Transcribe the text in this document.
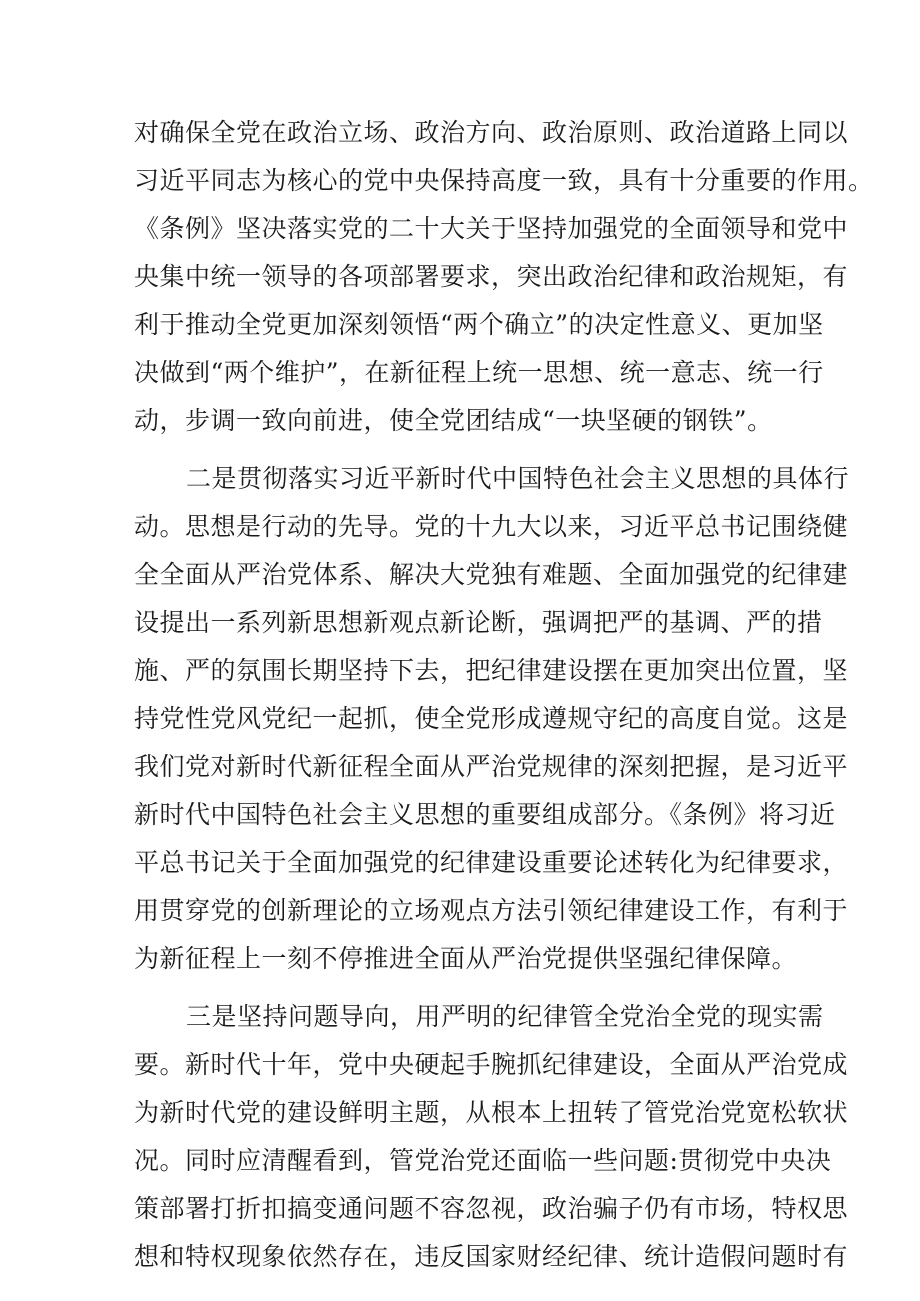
对确保全党在政治立场、政治方向、政治原则、政治道路上同以

习近平同志为核心的党中央保持高度一致，具有十分重要的作用。

《条例》坚决落实党的二十大关于坚持加强党的全面领导和党中

央集中统一领导的各项部署要求，突出政治纪律和政治规矩，有

利于推动全党更加深刻领悟“两个确立”的决定性意义、更加坚

决做到“两个维护”，在新征程上统一思想、统一意志、统一行

动，步调一致向前进，使全党团结成“一块坚硬的钢铁”。

二是贯彻落实习近平新时代中国特色社会主义思想的具体行

动。思想是行动的先导。党的十九大以来，习近平总书记围绕健

全全面从严治党体系、解决大党独有难题、全面加强党的纪律建

设提出一系列新思想新观点新论断，强调把严的基调、严的措

施、严的氛围长期坚持下去，把纪律建设摆在更加突出位置，坚

持党性党风党纪一起抓，使全党形成遵规守纪的高度自觉。这是

我们党对新时代新征程全面从严治党规律的深刻把握，是习近平

新时代中国特色社会主义思想的重要组成部分。《条例》将习近

平总书记关于全面加强党的纪律建设重要论述转化为纪律要求，

用贯穿党的创新理论的立场观点方法引领纪律建设工作，有利于

为新征程上一刻不停推进全面从严治党提供坚强纪律保障。

三是坚持问题导向，用严明的纪律管全党治全党的现实需

要。新时代十年，党中央硬起手腕抓纪律建设，全面从严治党成

为新时代党的建设鲜明主题，从根本上扭转了管党治党宽松软状

况。同时应清醒看到，管党治党还面临一些问题:贯彻党中央决

策部署打折扣搞变通问题不容忽视，政治骗子仍有市场，特权思

想和特权现象依然存在，违反国家财经纪律、统计造假问题时有
